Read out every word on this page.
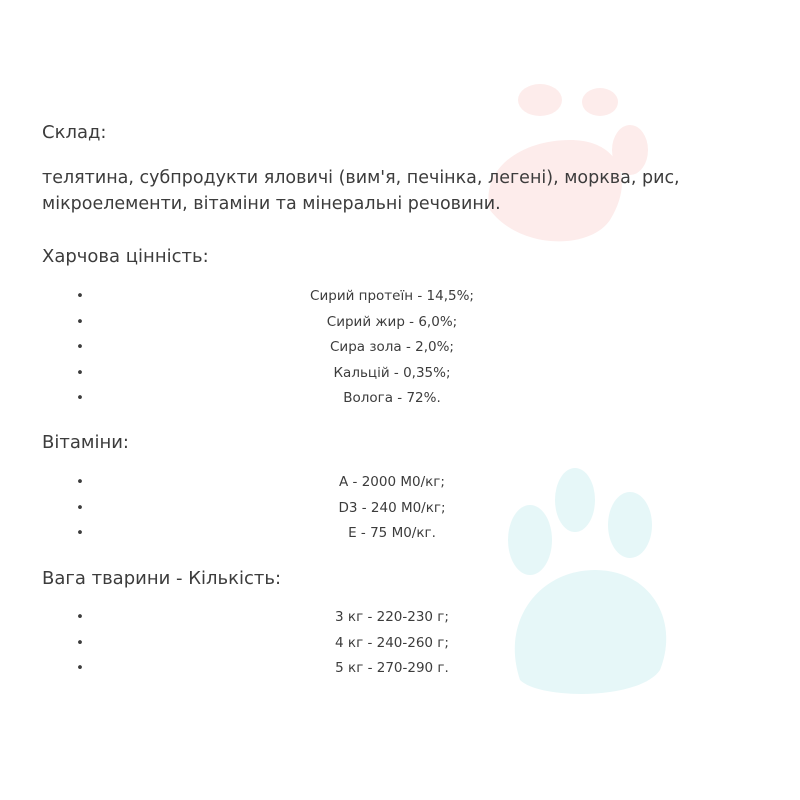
Склад:
телятина, субпродукти яловичі (вим'я, печінка, легені), морква, рис, мікроелементи, вітаміни та мінеральні речовини.
Харчова цінність:
• Сирий протеїн - 14,5%;
• Сирий жир - 6,0%;
• Сира зола - 2,0%;
• Кальцій - 0,35%;
• Волога - 72%.
Вітаміни:
• A - 2000 М0/кг;
• D3 - 240 М0/кг;
• E - 75 М0/кг.
Вага тварини - Кількість:
• 3 кг - 220-230 г;
• 4 кг - 240-260 г;
• 5 кг - 270-290 г.
